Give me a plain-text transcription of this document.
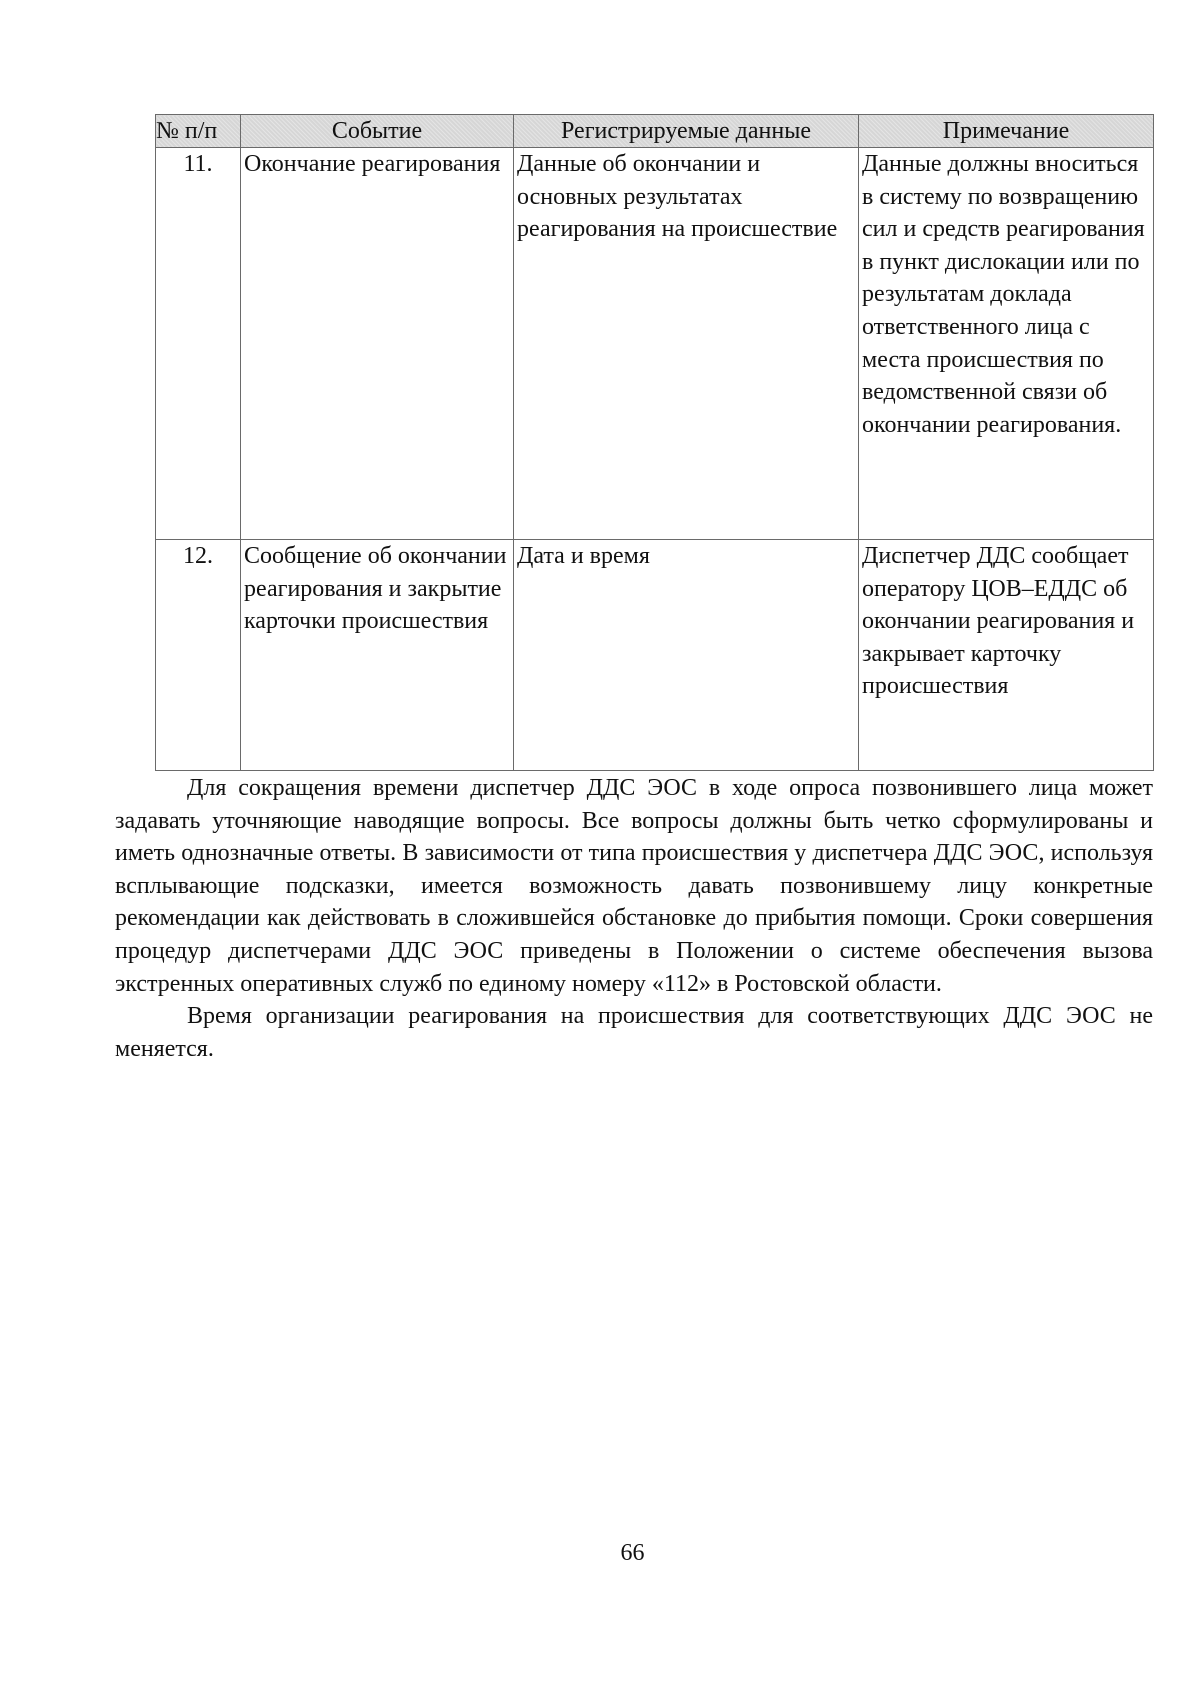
№ п/п	Событие	Регистрируемые данные	Примечание
11.	Окончание реагирования	Данные об окончании и основных результатах реагирования на происшествие	Данные должны вноситься в систему по возвращению сил и средств реагирования в пункт дислокации или по результатам доклада ответственного лица с места происшествия по ведомственной связи об окончании реагирования.
12.	Сообщение об окончании реагирования и закрытие карточки происшествия	Дата и время	Диспетчер ДДС сообщает оператору ЦОВ–ЕДДС об окончании реагирования и закрывает карточку происшествия

Для сокращения времени диспетчер ДДС ЭОС в ходе опроса позвонившего лица может задавать уточняющие наводящие вопросы. Все вопросы должны быть четко сформулированы и иметь однозначные ответы. В зависимости от типа происшествия у диспетчера ДДС ЭОС, используя всплывающие подсказки, имеется возможность давать позвонившему лицу конкретные рекомендации как действовать в сложившейся обстановке до прибытия помощи. Сроки совершения процедур диспетчерами ДДС ЭОС приведены в Положении о системе обеспечения вызова экстренных оперативных служб по единому номеру «112» в Ростовской области.

Время организации реагирования на происшествия для соответствующих ДДС ЭОС не меняется.

66
